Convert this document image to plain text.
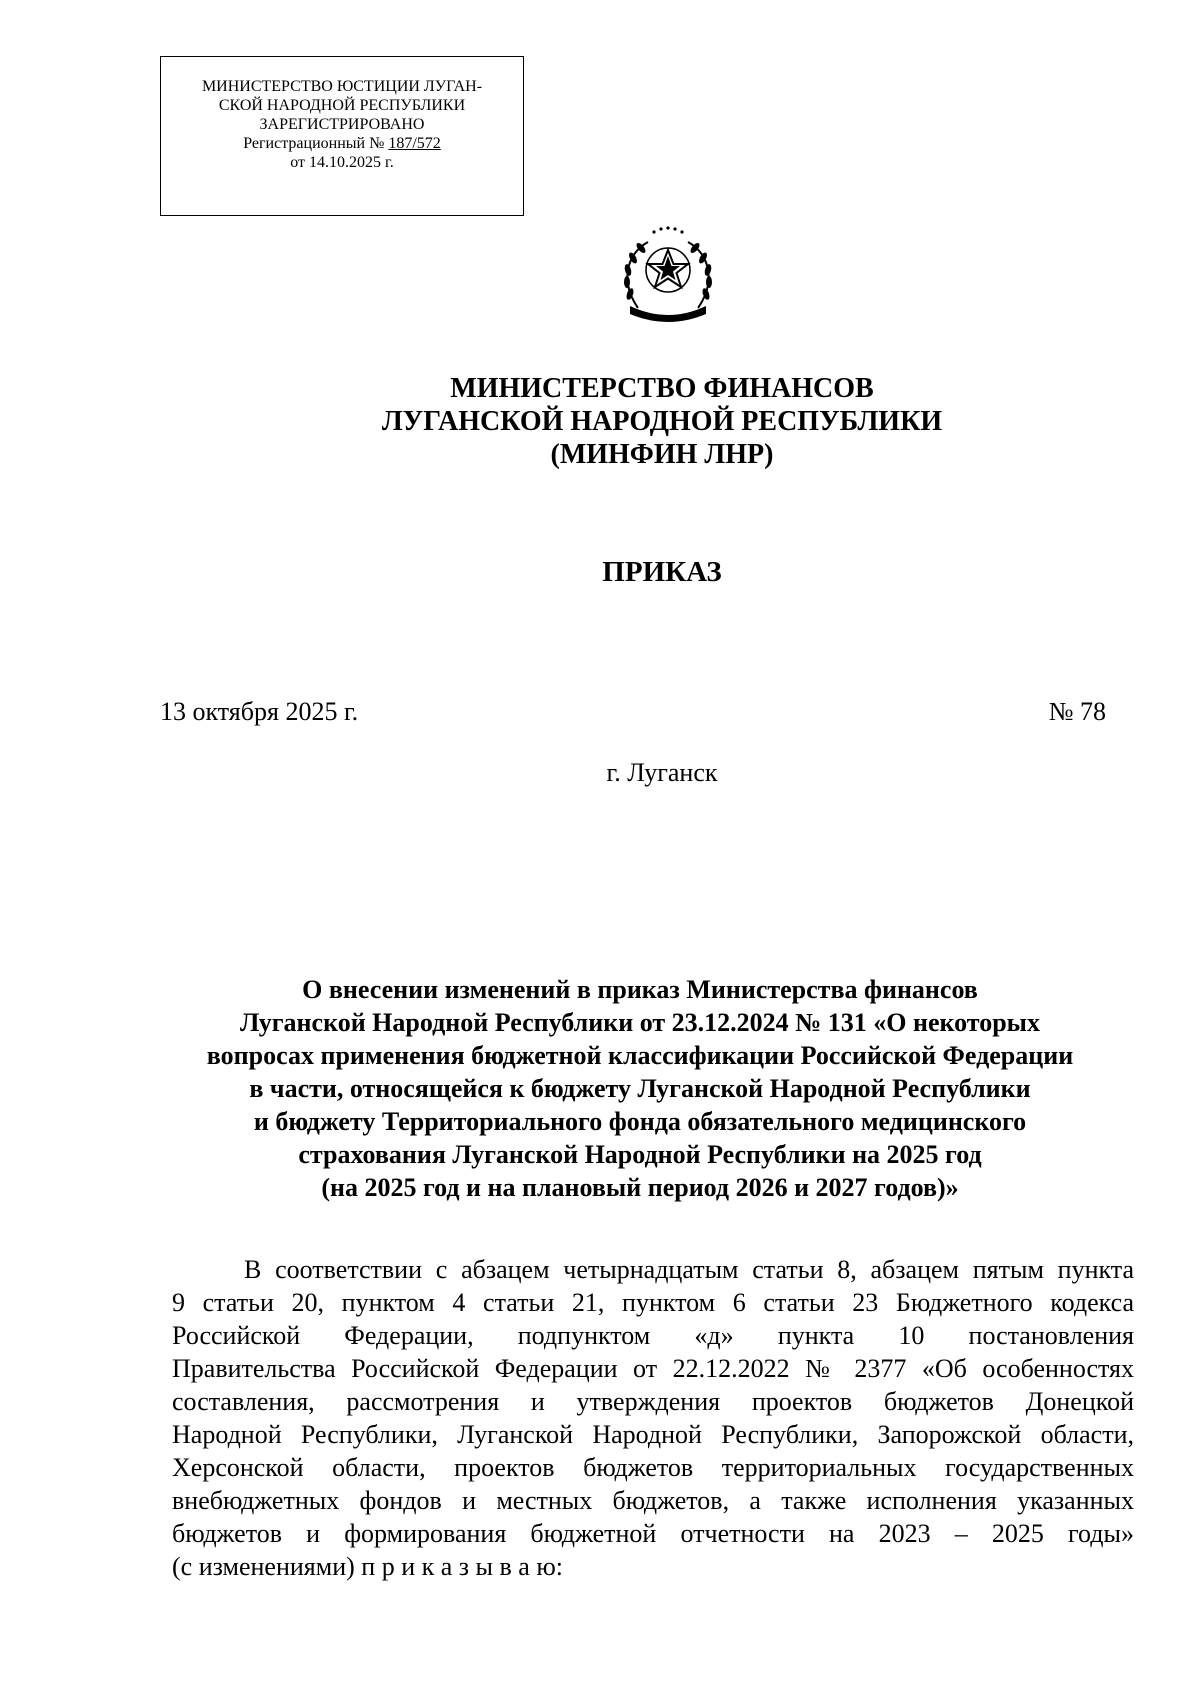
МИНИСТЕРСТВО ЮСТИЦИИ ЛУГАН-
СКОЙ НАРОДНОЙ РЕСПУБЛИКИ
ЗАРЕГИСТРИРОВАНО
Регистрационный № 187/572
от 14.10.2025 г.
МИНИСТЕРСТВО ФИНАНСОВ
ЛУГАНСКОЙ НАРОДНОЙ РЕСПУБЛИКИ
(МИНФИН ЛНР)
ПРИКАЗ
13 октября 2025 г.	№ 78
г. Луганск
О внесении изменений в приказ Министерства финансов
Луганской Народной Республики от 23.12.2024 № 131 «О некоторых
вопросах применения бюджетной классификации Российской Федерации
в части, относящейся к бюджету Луганской Народной Республики
и бюджету Территориального фонда обязательного медицинского
страхования Луганской Народной Республики на 2025 год
(на 2025 год и на плановый период 2026 и 2027 годов)»
В соответствии с абзацем четырнадцатым статьи 8, абзацем пятым пункта
9 статьи 20, пунктом 4 статьи 21, пунктом 6 статьи 23 Бюджетного кодекса
Российской Федерации, подпунктом «д» пункта 10 постановления
Правительства Российской Федерации от 22.12.2022 № 2377 «Об особенностях
составления, рассмотрения и утверждения проектов бюджетов Донецкой
Народной Республики, Луганской Народной Республики, Запорожской области,
Херсонской области, проектов бюджетов территориальных государственных
внебюджетных фондов и местных бюджетов, а также исполнения указанных
бюджетов и формирования бюджетной отчетности на 2023 – 2025 годы»
(с изменениями) п р и к а з ы в а ю:
